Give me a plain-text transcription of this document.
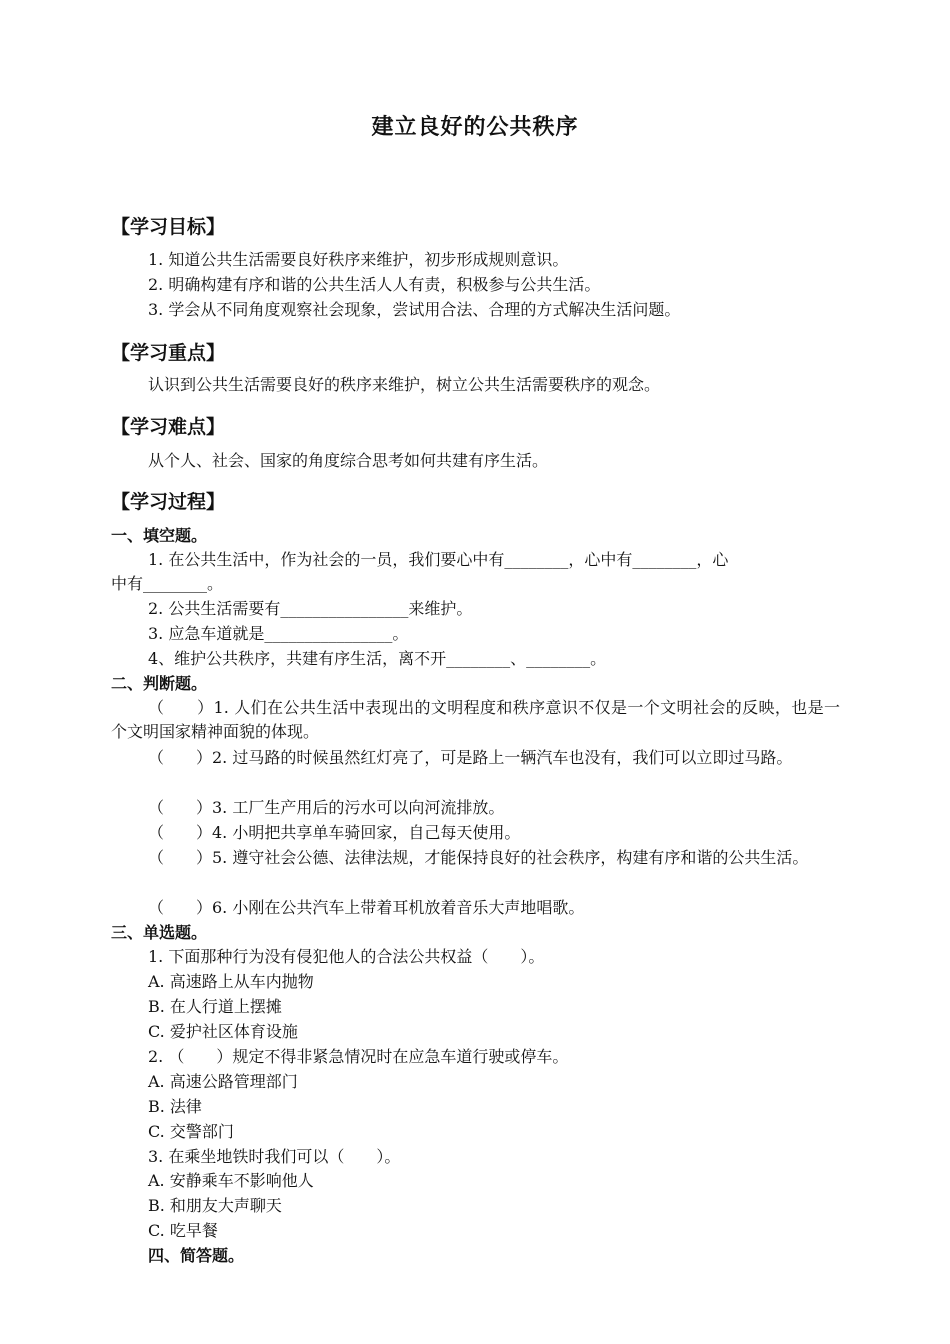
建立良好的公共秩序
【学习目标】
1. 知道公共生活需要良好秩序来维护，初步形成规则意识。
2. 明确构建有序和谐的公共生活人人有责，积极参与公共生活。
3. 学会从不同角度观察社会现象，尝试用合法、合理的方式解决生活问题。
【学习重点】
认识到公共生活需要良好的秩序来维护，树立公共生活需要秩序的观念。
【学习难点】
从个人、社会、国家的角度综合思考如何共建有序生活。
【学习过程】
一、填空题。
1. 在公共生活中，作为社会的一员，我们要心中有________，心中有________，心
中有________。
2. 公共生活需要有________________来维护。
3. 应急车道就是________________。
4、维护公共秩序，共建有序生活，离不开________、________。
二、判断题。
（　　）1. 人们在公共生活中表现出的文明程度和秩序意识不仅是一个文明社会的反映，也是一个文明国家精神面貌的体现。
（　　）2. 过马路的时候虽然红灯亮了，可是路上一辆汽车也没有，我们可以立即过马路。
（　　）3. 工厂生产用后的污水可以向河流排放。
（　　）4. 小明把共享单车骑回家，自己每天使用。
（　　）5. 遵守社会公德、法律法规，才能保持良好的社会秩序，构建有序和谐的公共生活。
（　　）6. 小刚在公共汽车上带着耳机放着音乐大声地唱歌。
三、单选题。
1. 下面那种行为没有侵犯他人的合法公共权益（　　）。
A. 高速路上从车内抛物
B. 在人行道上摆摊
C. 爱护社区体育设施
2. （　　）规定不得非紧急情况时在应急车道行驶或停车。
A. 高速公路管理部门
B. 法律
C. 交警部门
3. 在乘坐地铁时我们可以（　　）。
A. 安静乘车不影响他人
B. 和朋友大声聊天
C. 吃早餐
四、简答题。
